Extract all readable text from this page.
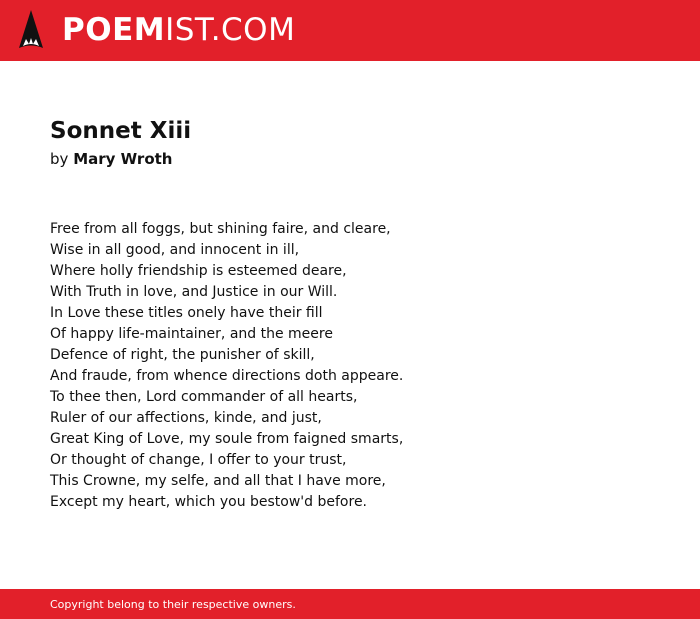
POEMIST.COM
Sonnet Xiii
by Mary Wroth
Free from all foggs, but shining faire, and cleare,
Wise in all good, and innocent in ill,
Where holly friendship is esteemed deare,
With Truth in love, and Justice in our Will.
In Love these titles onely have their fill
Of happy life-maintainer, and the meere
Defence of right, the punisher of skill,
And fraude, from whence directions doth appeare.
To thee then, Lord commander of all hearts,
Ruler of our affections, kinde, and just,
Great King of Love, my soule from faigned smarts,
Or thought of change, I offer to your trust,
This Crowne, my selfe, and all that I have more,
Except my heart, which you bestow'd before.
Copyright belong to their respective owners.
